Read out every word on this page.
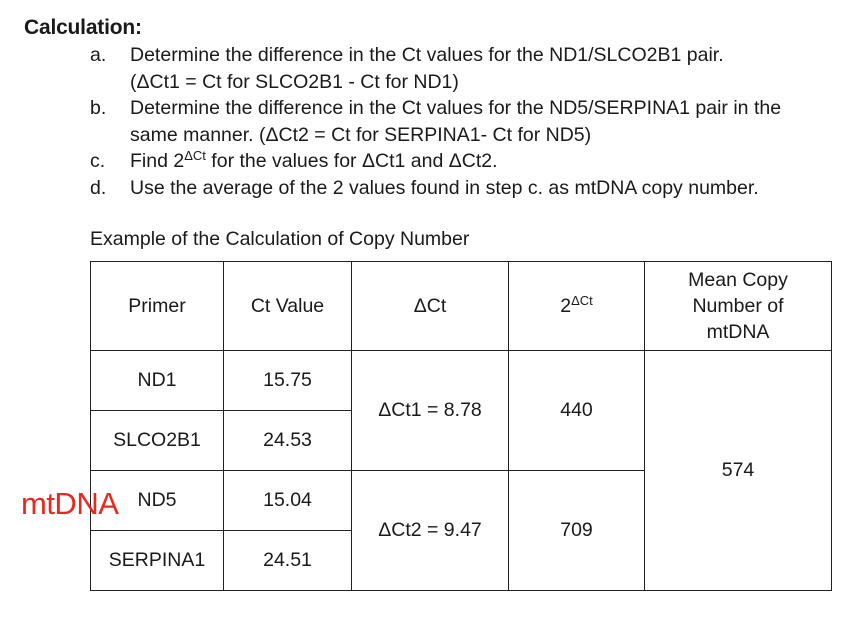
Calculation:
a.	Determine the difference in the Ct values for the ND1/SLCO2B1 pair.
(ΔCt1 = Ct for SLCO2B1 - Ct for ND1)
b.	Determine the difference in the Ct values for the ND5/SERPINA1 pair in the
same manner. (ΔCt2 = Ct for SERPINA1- Ct for ND5)
c.	Find $2^{\Delta Ct}$ for the values for ΔCt1 and ΔCt2.
d.	Use the average of the 2 values found in step c. as mtDNA copy number.
Example of the Calculation of Copy Number
Primer	Ct Value	ΔCt	$2^{\Delta Ct}$	Mean Copy
Number of
mtDNA
ND1	15.75	ΔCt1 = 8.78	440	574
SLCO2B1	24.53			
ND5	15.04	ΔCt2 = 9.47	709	
SERPINA1	24.51			
mtDNA
